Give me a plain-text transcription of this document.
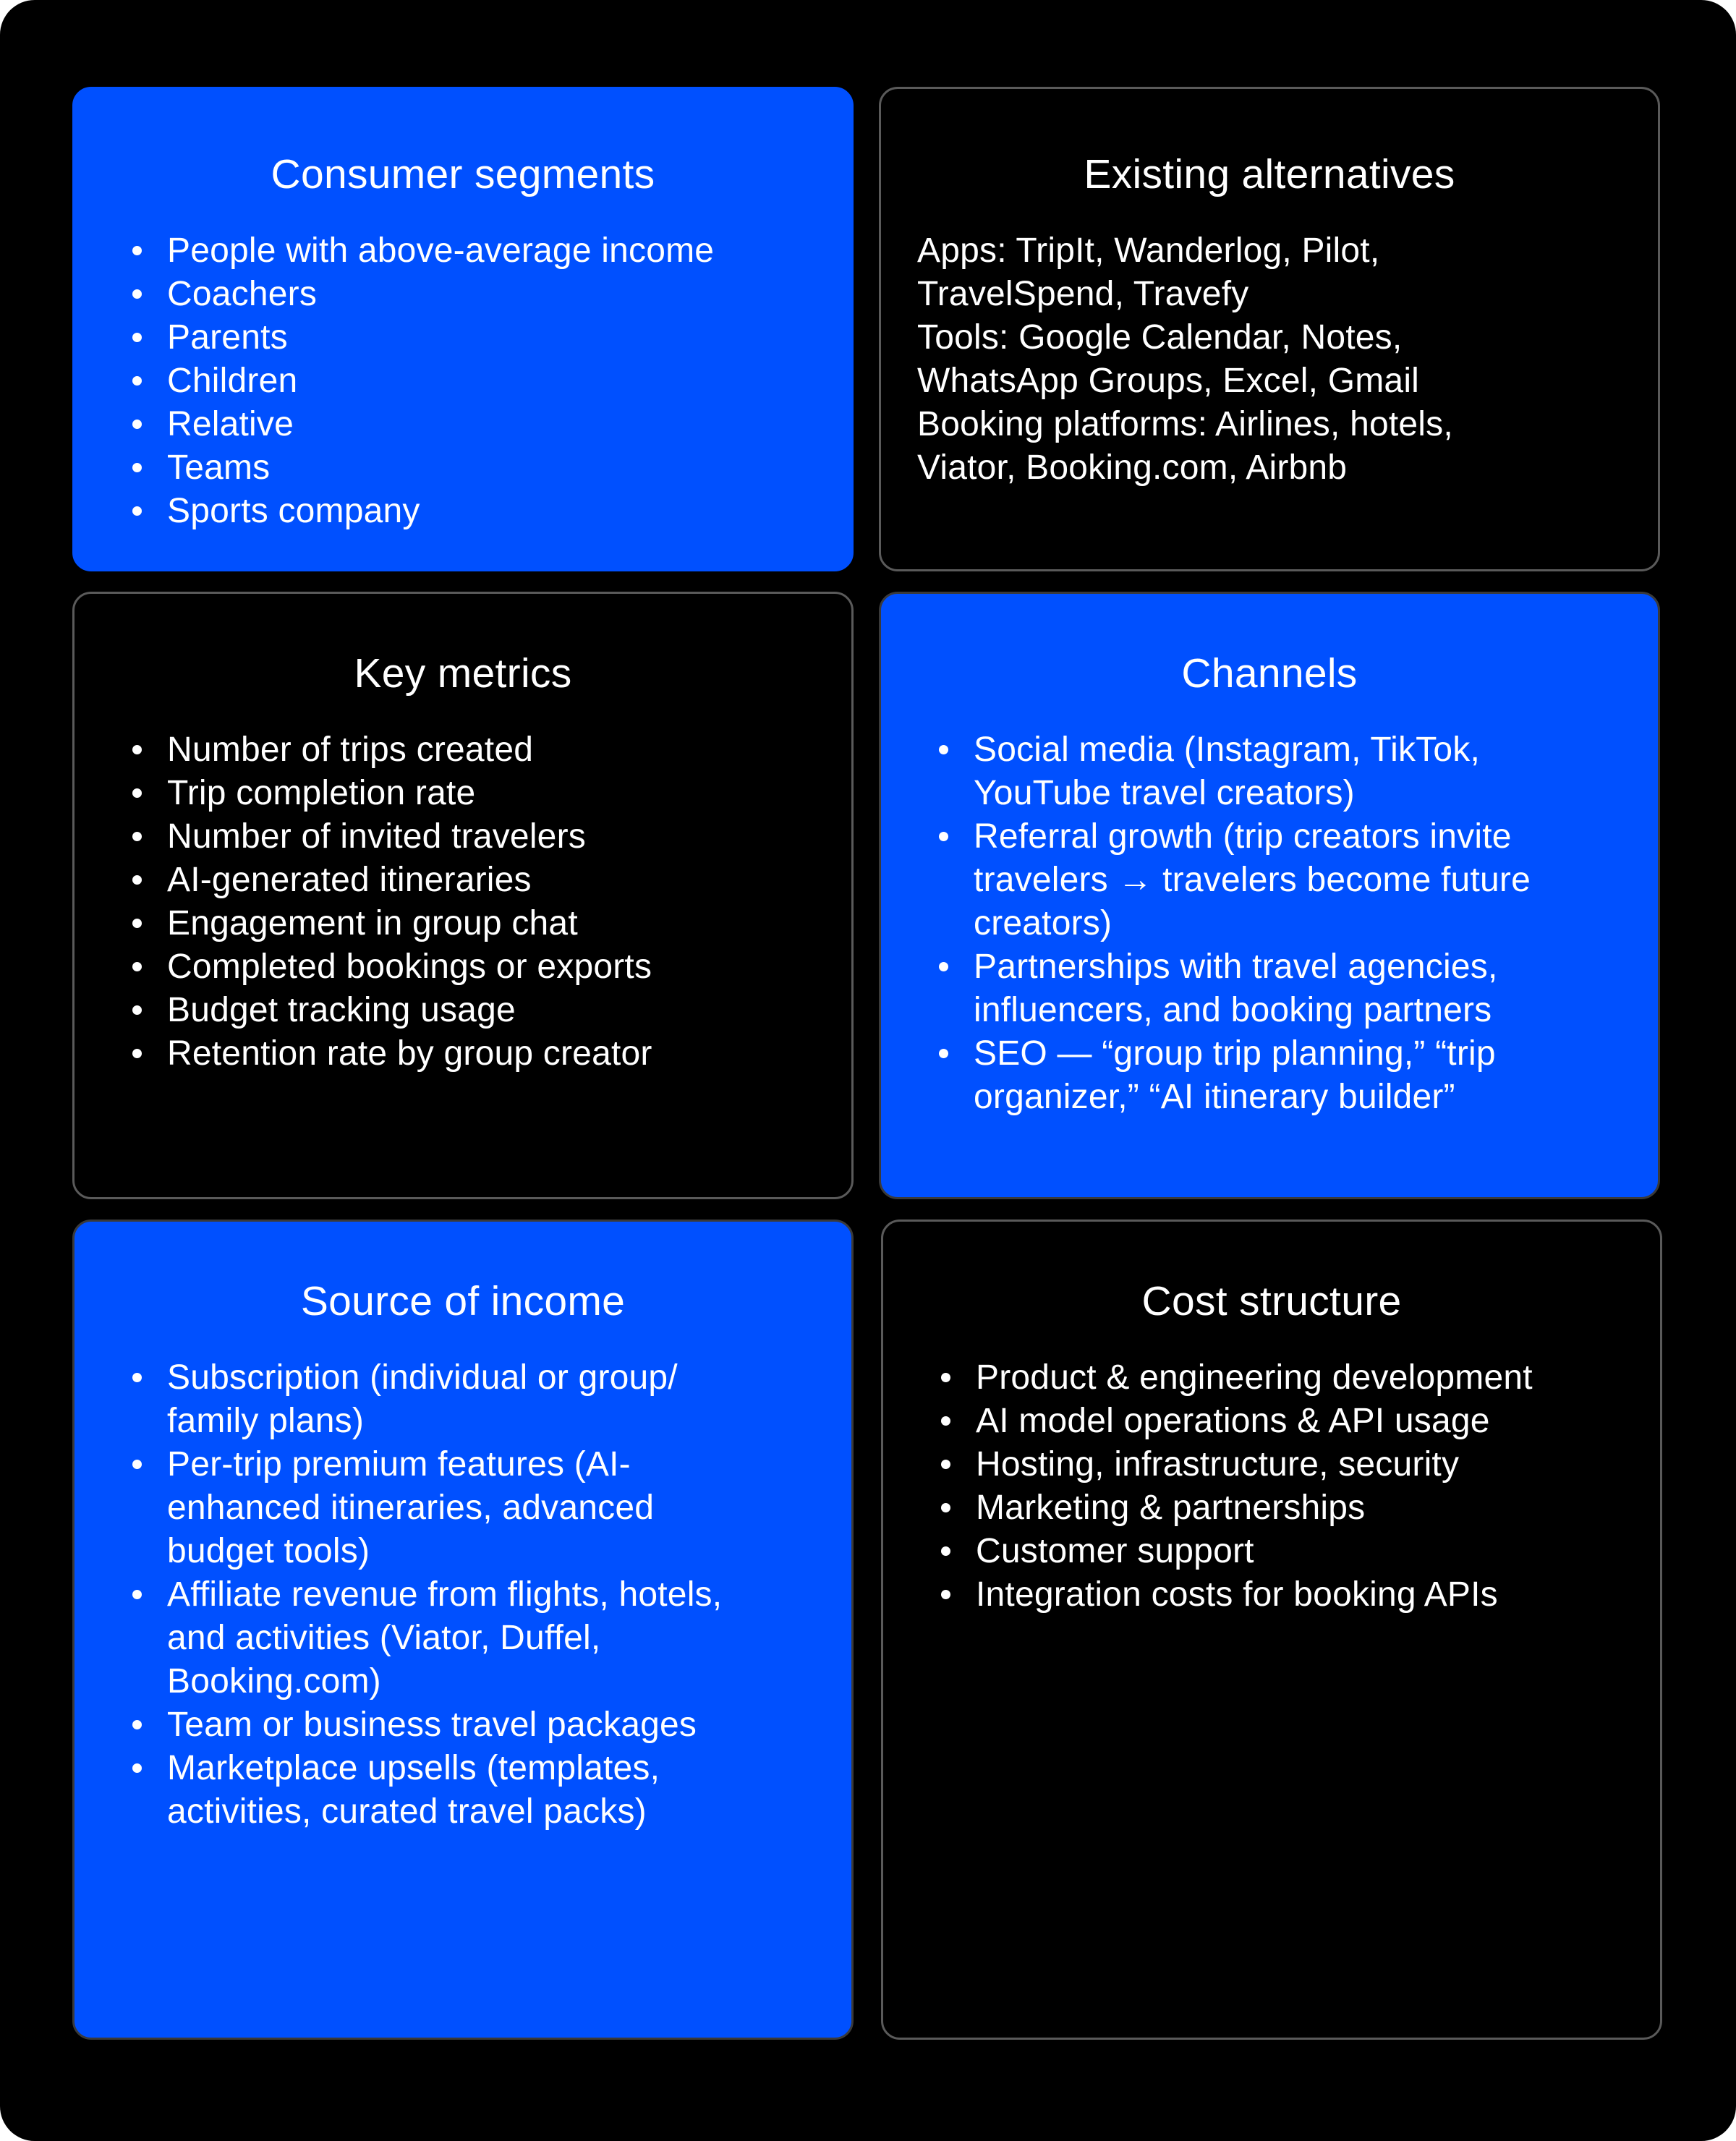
Consumer segments
People with above-average income
Coachers
Parents
Children
Relative
Teams
Sports company
Existing alternatives
Apps: TripIt, Wanderlog, Pilot,
TravelSpend, Travefy
Tools: Google Calendar, Notes,
WhatsApp Groups, Excel, Gmail
Booking platforms: Airlines, hotels,
Viator, Booking.com, Airbnb
Key metrics
Number of trips created
Trip completion rate
Number of invited travelers
AI-generated itineraries
Engagement in group chat
Completed bookings or exports
Budget tracking usage
Retention rate by group creator
Channels
Social media (Instagram, TikTok,
YouTube travel creators)
Referral growth (trip creators invite
travelers → travelers become future
creators)
Partnerships with travel agencies,
influencers, and booking partners
SEO — “group trip planning,” “trip
organizer,” “AI itinerary builder”
Source of income
Subscription (individual or group/
family plans)
Per-trip premium features (AI-
enhanced itineraries, advanced
budget tools)
Affiliate revenue from flights, hotels,
and activities (Viator, Duffel,
Booking.com)
Team or business travel packages
Marketplace upsells (templates,
activities, curated travel packs)
Cost structure
Product & engineering development
AI model operations & API usage
Hosting, infrastructure, security
Marketing & partnerships
Customer support
Integration costs for booking APIs
